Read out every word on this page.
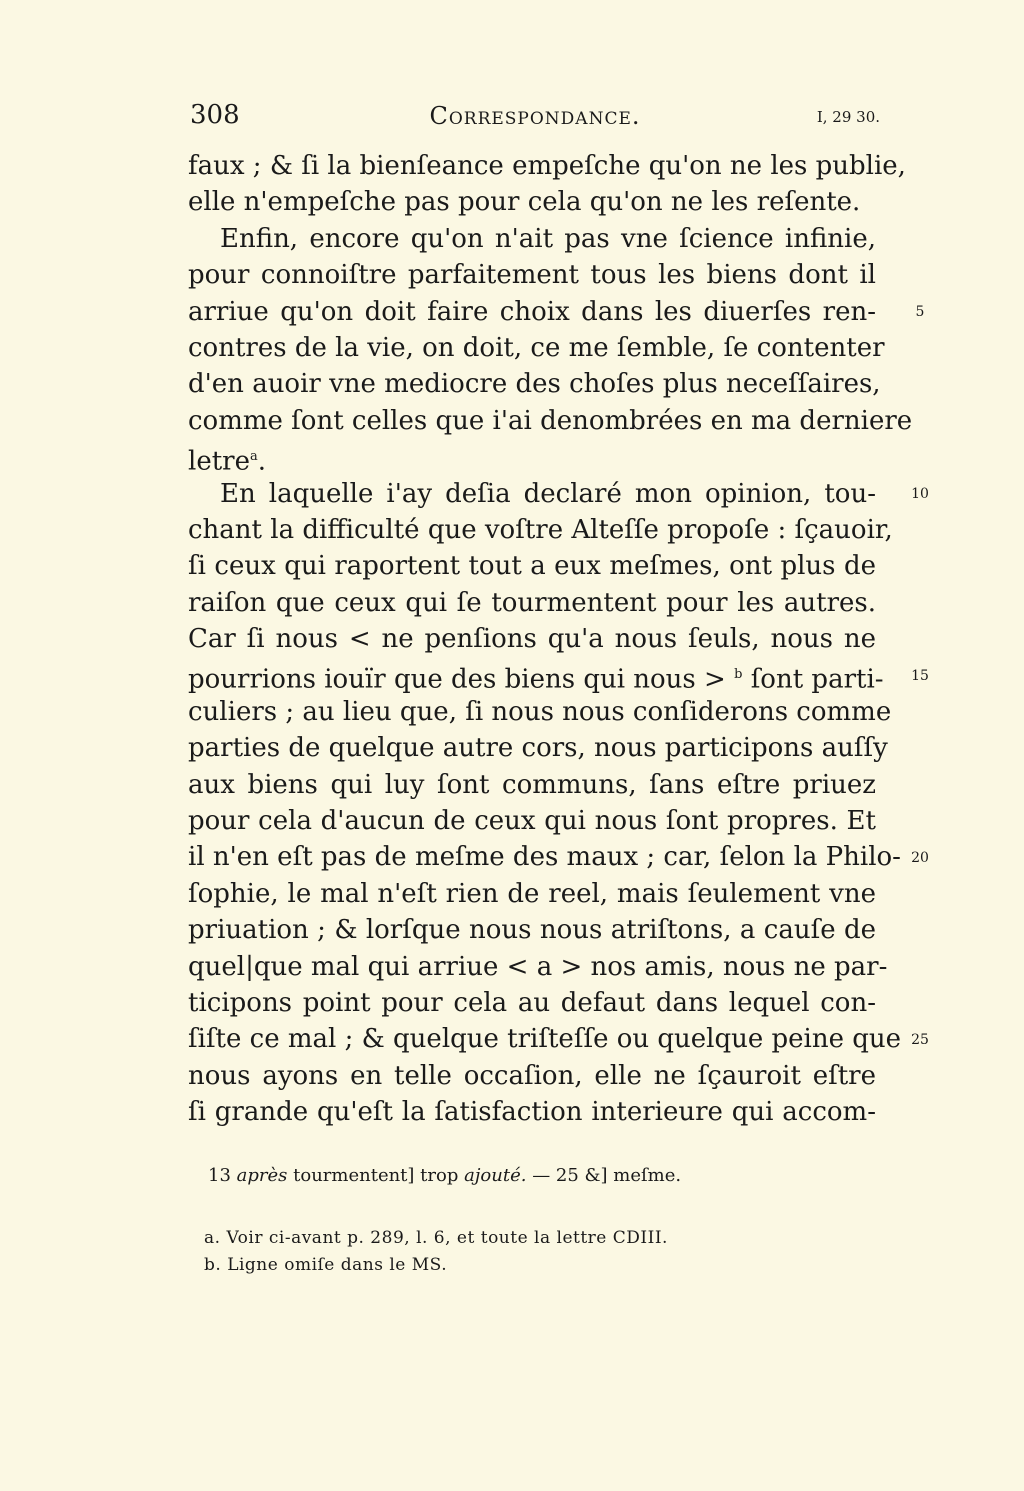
308	Correspondance.	I, 29 30.
faux ; & ſi la bienſeance empeſche qu'on ne les publie,
elle n'empeſche pas pour cela qu'on ne les reſente.
Enfin, encore qu'on n'ait pas vne ſcience infinie,
pour connoiſtre parfaitement tous les biens dont il
arriue qu'on doit faire choix dans les diuerſes ren-
contres de la vie, on doit, ce me ſemble, ſe contenter
d'en auoir vne mediocre des choſes plus neceſſaires,
comme ſont celles que i'ai denombrées en ma derniere
letre$^a$.
En laquelle i'ay deſia declaré mon opinion, tou-
chant la difficulté que voſtre Alteſſe propoſe : ſçauoir,
ſi ceux qui raportent tout a eux meſmes, ont plus de
raiſon que ceux qui ſe tourmentent pour les autres.
Car ſi nous < ne penſions qu'a nous ſeuls, nous ne
pourrions iouïr que des biens qui nous > $^b$ ſont parti-
culiers ; au lieu que, ſi nous nous conſiderons comme
parties de quelque autre cors, nous participons auſſy
aux biens qui luy ſont communs, ſans eſtre priuez
pour cela d'aucun de ceux qui nous ſont propres. Et
il n'en eſt pas de meſme des maux ; car, ſelon la Philo-
ſophie, le mal n'eſt rien de reel, mais ſeulement vne
priuation ; & lorſque nous nous atriſtons, a cauſe de
quel|que mal qui arriue < a > nos amis, nous ne par-
ticipons point pour cela au defaut dans lequel con-
ſiſte ce mal ; & quelque triſteſſe ou quelque peine que
nous ayons en telle occaſion, elle ne ſçauroit eſtre
ſi grande qu'eſt la ſatisfaction interieure qui accom-
5
10
15
20
25
13 après tourmentent] trop ajouté. — 25 &] meſme.
a. Voir ci-avant p. 289, l. 6, et toute la lettre CDIII.
b. Ligne omiſe dans le MS.
